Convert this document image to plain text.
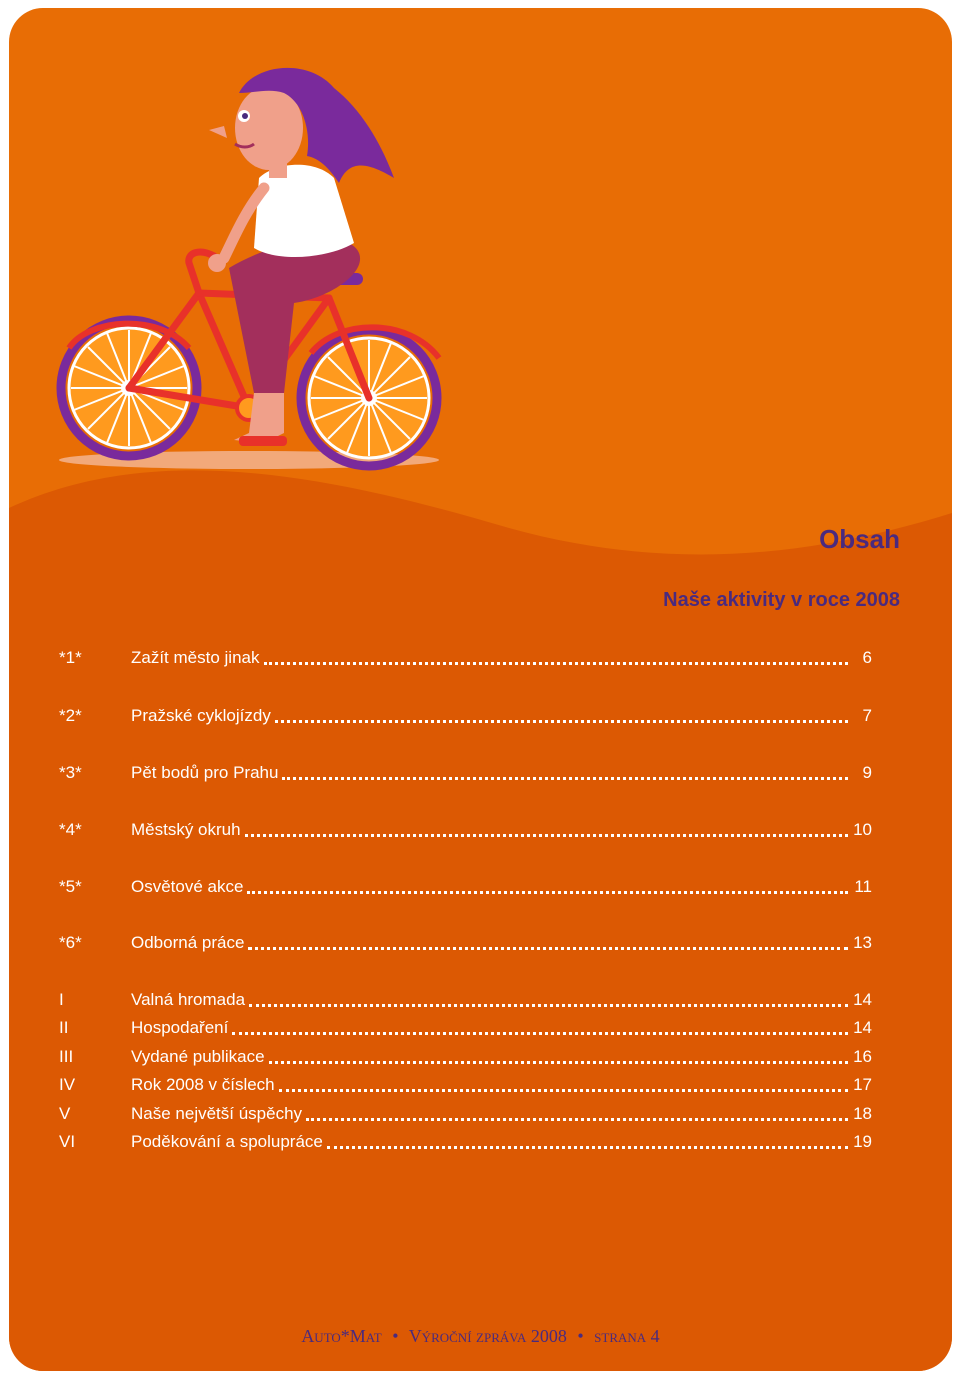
Obsah
Naše aktivity v roce 2008
*1*	Zažít město jinak	6
*2*	Pražské cyklojízdy	7
*3*	Pět bodů pro Prahu	9
*4*	Městský okruh	10
*5*	Osvětové akce	11
*6*	Odborná práce	13
I	Valná hromada	14
II	Hospodaření	14
III	Vydané publikace	16
IV	Rok 2008 v číslech	17
V	Naše největší úspěchy	18
VI	Poděkování a spolupráce	19
Auto*Mat • Výroční zpráva 2008 • strana 4
